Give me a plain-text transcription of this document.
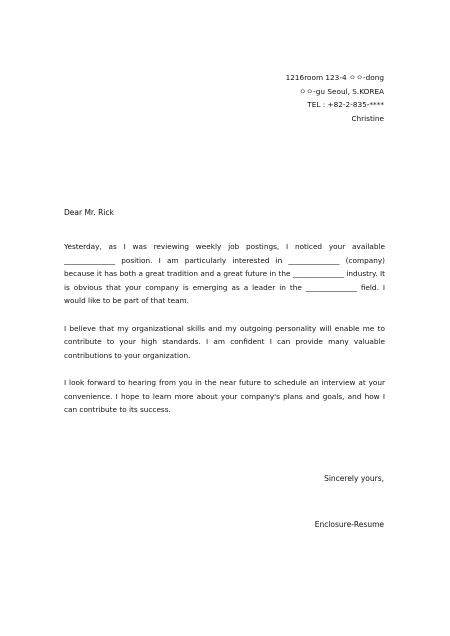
1216room 123-4 ㅇㅇ-dong
ㅇㅇ-gu Seoul, S.KOREA
TEL : +82-2-835-****
Christine
Dear Mr. Rick

Yesterday, as I was reviewing weekly job postings, I noticed your available ______________ position. I am particularly interested in ______________ (company) because it has both a great tradition and a great future in the ______________ industry. It is obvious that your company is emerging as a leader in the ______________ field. I would like to be part of that team.

I believe that my organizational skills and my outgoing personality will enable me to contribute to your high standards. I am confident I can provide many valuable contributions to your organization.

I look forward to hearing from you in the near future to schedule an interview at your convenience. I hope to learn more about your company's plans and goals, and how I can contribute to its success.

Sincerely yours,
Enclosure-Resume
